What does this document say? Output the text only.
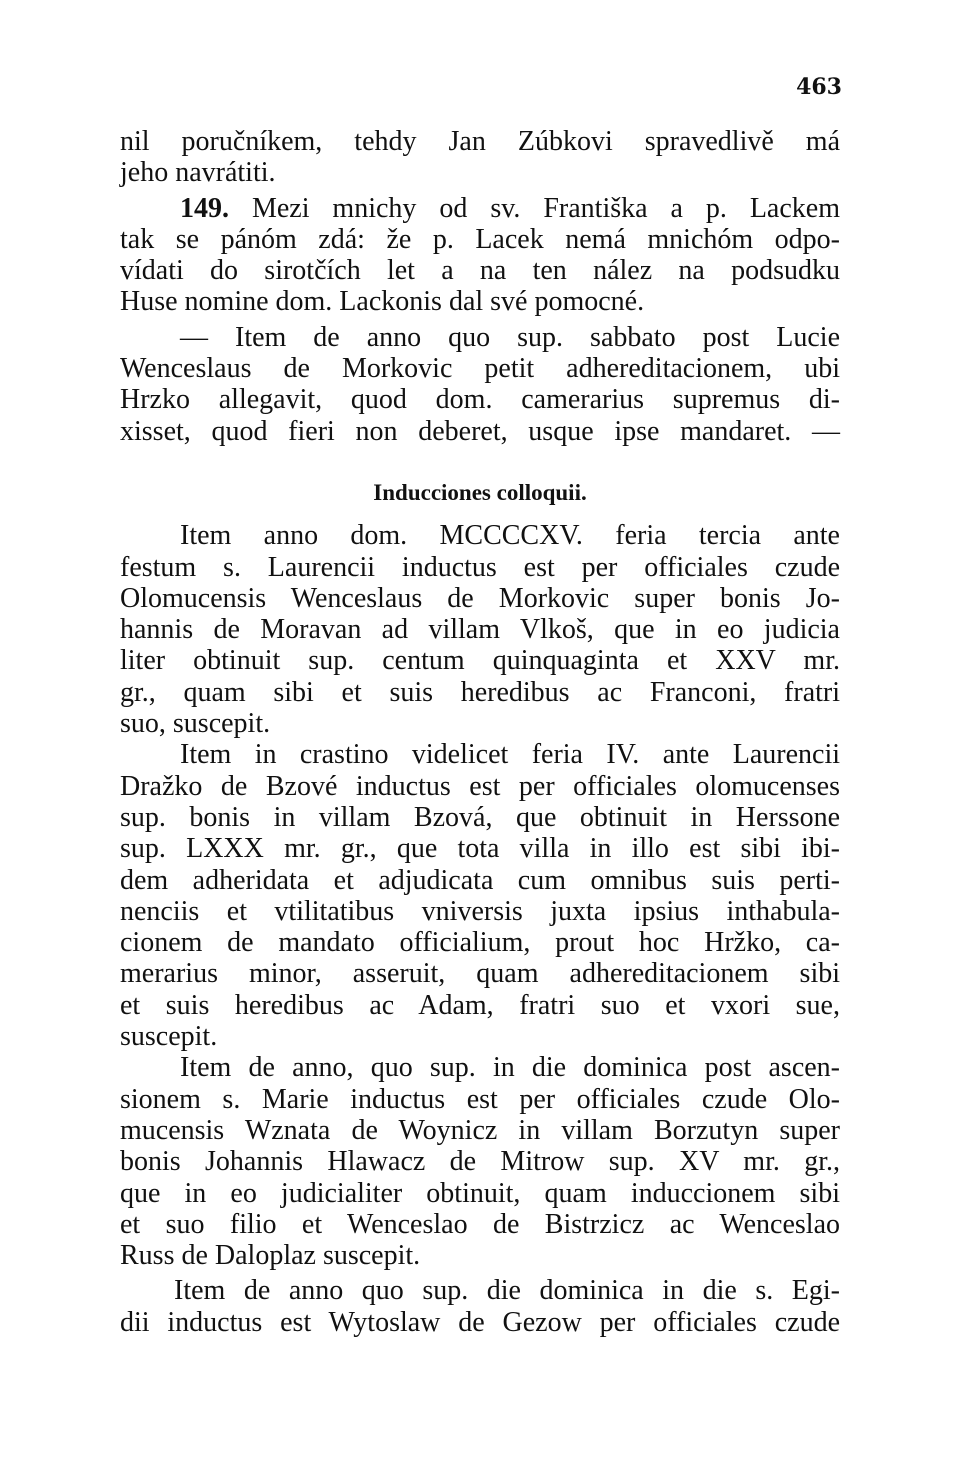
463

nil poručníkem, tehdy Jan Zúbkovi spravedlivě má
jeho navrátiti.
149. Mezi mnichy od sv. Františka a p. Lackem
tak se pánóm zdá: že p. Lacek nemá mnichóm odpo-
vídati do sirotčích let a na ten nález na podsudku
Huse nomine dom. Lackonis dal své pomocné.
— Item de anno quo sup. sabbato post Lucie
Wenceslaus de Morkovic petit adhereditacionem, ubi
Hrzko allegavit, quod dom. camerarius supremus di-
xisset, quod fieri non deberet, usque ipse mandaret. —
Inducciones colloquii.
Item anno dom. MCCCCXV. feria tercia ante
festum s. Laurencii inductus est per officiales czude
Olomucensis Wenceslaus de Morkovic super bonis Jo-
hannis de Moravan ad villam Vlkoš, que in eo judicia
liter obtinuit sup. centum quinquaginta et XXV mr.
gr., quam sibi et suis heredibus ac Franconi, fratri
suo, suscepit.
Item in crastino videlicet feria IV. ante Laurencii
Dražko de Bzové inductus est per officiales olomucenses
sup. bonis in villam Bzová, que obtinuit in Herssone
sup. LXXX mr. gr., que tota villa in illo est sibi ibi-
dem adheridata et adjudicata cum omnibus suis perti-
nenciis et vtilitatibus vniversis juxta ipsius inthabula-
cionem de mandato officialium, prout hoc Hržko, ca-
merarius minor, asseruit, quam adhereditacionem sibi
et suis heredibus ac Adam, fratri suo et vxori sue,
suscepit.
Item de anno, quo sup. in die dominica post ascen-
sionem s. Marie inductus est per officiales czude Olo-
mucensis Wznata de Woynicz in villam Borzutyn super
bonis Johannis Hlawacz de Mitrow sup. XV mr. gr.,
que in eo judicialiter obtinuit, quam induccionem sibi
et suo filio et Wenceslao de Bistrzicz ac Wenceslao
Russ de Daloplaz suscepit.
Item de anno quo sup. die dominica in die s. Egi-
dii inductus est Wytoslaw de Gezow per officiales czude
